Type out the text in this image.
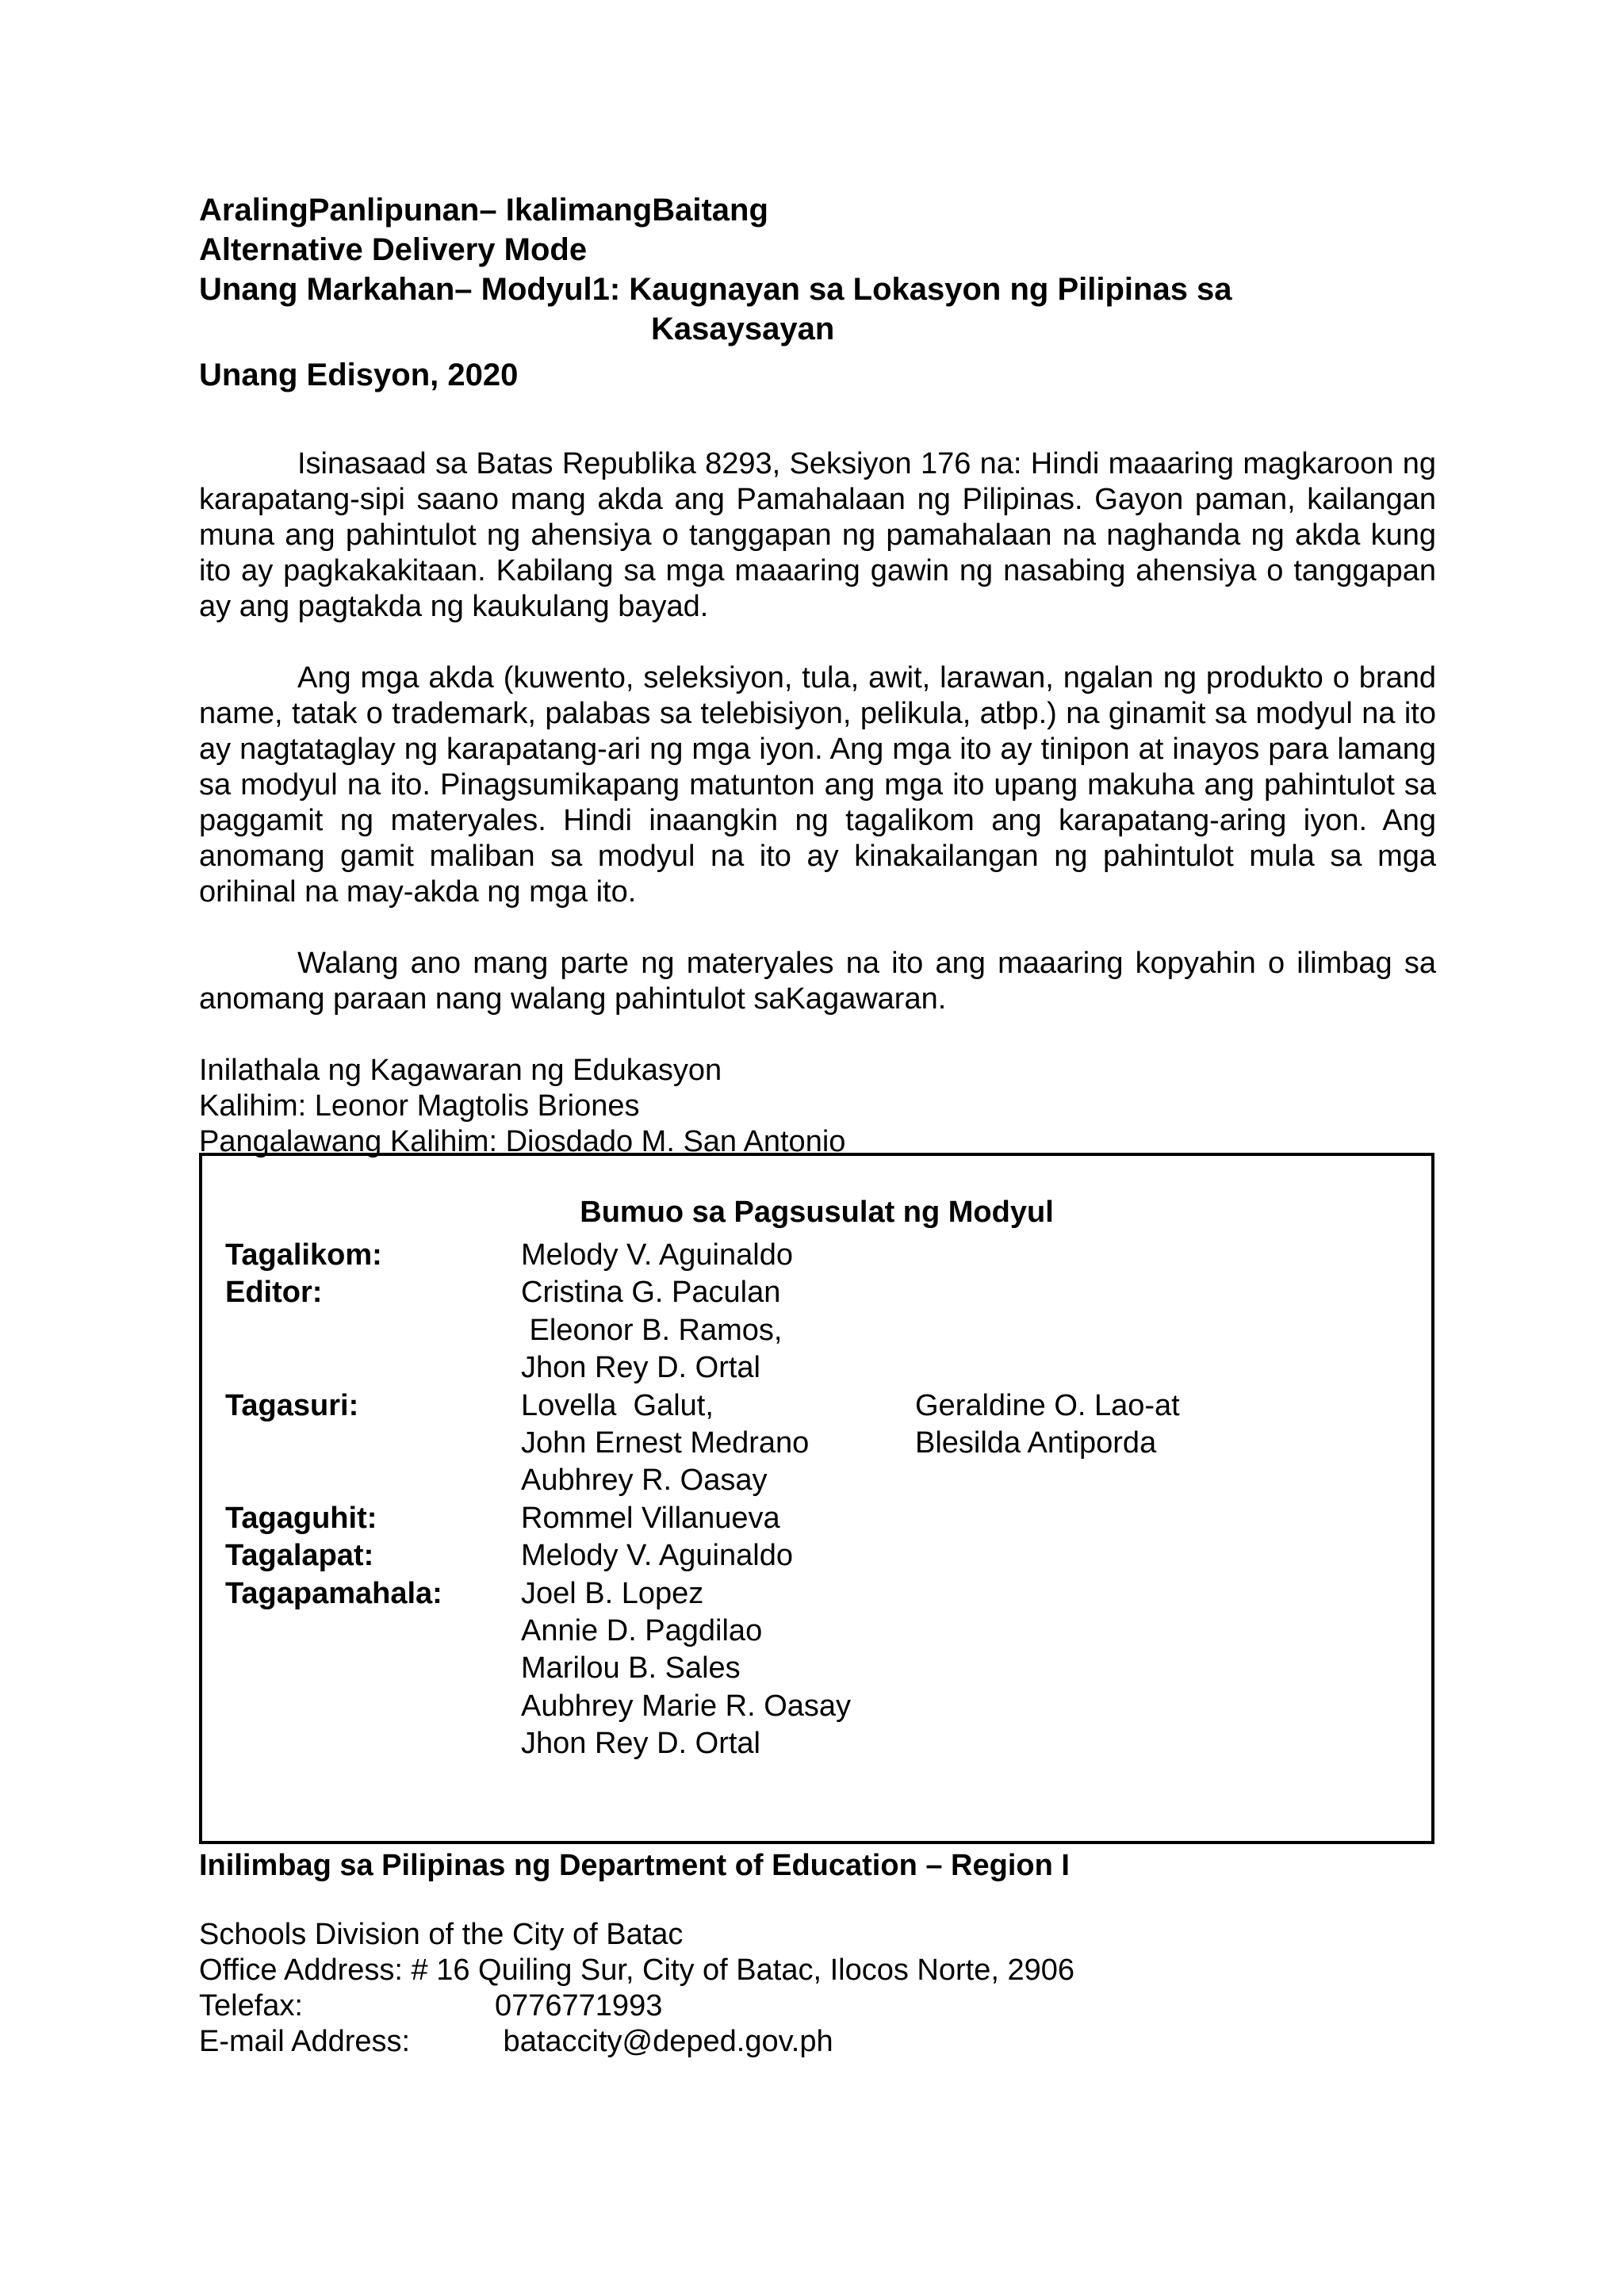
AralingPanlipunan– IkalimangBaitang

Alternative Delivery Mode

Unang Markahan– Modyul1: Kaugnayan sa Lokasyon ng Pilipinas sa

Kasaysayan

Unang Edisyon, 2020

Isinasaad sa Batas Republika 8293, Seksiyon 176 na: Hindi maaaring magkaroon ng karapatang-sipi saano mang akda ang Pamahalaan ng Pilipinas. Gayon paman, kailangan muna ang pahintulot ng ahensiya o tanggapan ng pamahalaan na naghanda ng akda kung ito ay pagkakakitaan. Kabilang sa mga maaaring gawin ng nasabing ahensiya o tanggapan ay ang pagtakda ng kaukulang bayad.

Ang mga akda (kuwento, seleksiyon, tula, awit, larawan, ngalan ng produkto o brand name, tatak o trademark, palabas sa telebisiyon, pelikula, atbp.) na ginamit sa modyul na ito ay nagtataglay ng karapatang-ari ng mga iyon. Ang mga ito ay tinipon at inayos para lamang sa modyul na ito. Pinagsumikapang matunton ang mga ito upang makuha ang pahintulot sa paggamit ng materyales. Hindi inaangkin ng tagalikom ang karapatang-aring iyon. Ang anomang gamit maliban sa modyul na ito ay kinakailangan ng pahintulot mula sa mga orihinal na may-akda ng mga ito.

Walang ano mang parte ng materyales na ito ang maaaring kopyahin o ilimbag sa anomang paraan nang walang pahintulot saKagawaran.

Inilathala ng Kagawaran ng Edukasyon
Kalihim: Leonor Magtolis Briones
Pangalawang Kalihim: Diosdado M. San Antonio
Bumuo sa Pagsusulat ng Modyul
Tagalikom:	Melody V. Aguinaldo
Editor:	Cristina G. Paculan
Eleonor B. Ramos,
Jhon Rey D. Ortal
Tagasuri:	Lovella  Galut,	Geraldine O. Lao-at
John Ernest Medrano	Blesilda Antiporda
Aubhrey R. Oasay
Tagaguhit:	Rommel Villanueva
Tagalapat:	Melody V. Aguinaldo
Tagapamahala:	Joel B. Lopez
Annie D. Pagdilao
Marilou B. Sales
Aubhrey Marie R. Oasay
Jhon Rey D. Ortal
Inilimbag sa Pilipinas ng Department of Education – Region I
Schools Division of the City of Batac
Office Address: # 16 Quiling Sur, City of Batac, Ilocos Norte, 2906
Telefax:	0776771993
E-mail Address:	bataccity@deped.gov.ph
